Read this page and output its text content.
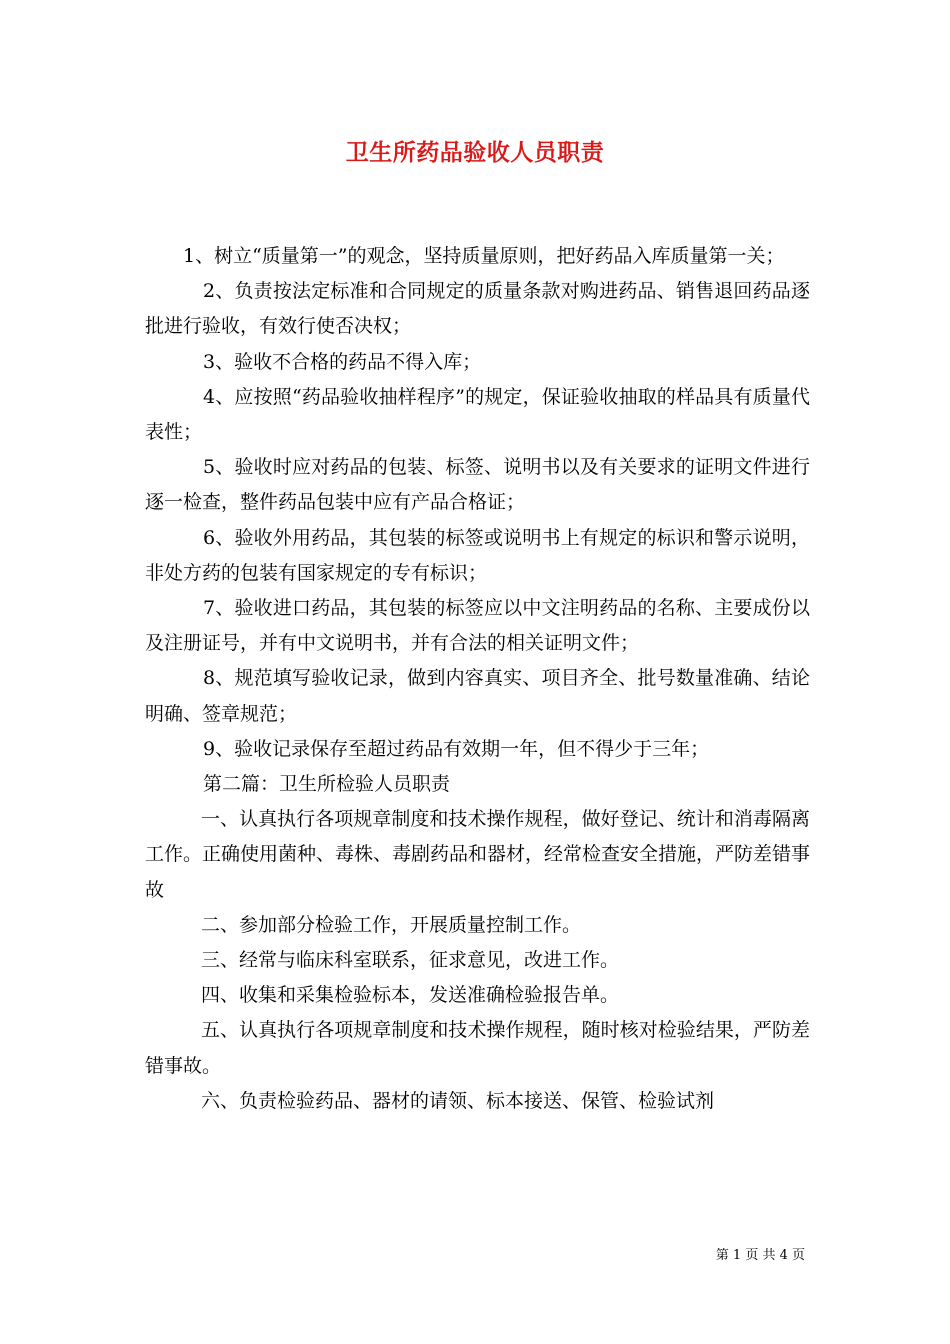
卫生所药品验收人员职责

1、树立“质量第一”的观念，坚持质量原则，把好药品入库质量第一关；

2、负责按法定标准和合同规定的质量条款对购进药品、销售退回药品逐批进行验收，有效行使否决权；

3、验收不合格的药品不得入库；

4、应按照“药品验收抽样程序”的规定，保证验收抽取的样品具有质量代表性；

5、验收时应对药品的包装、标签、说明书以及有关要求的证明文件进行逐一检查，整件药品包装中应有产品合格证；

6、验收外用药品，其包装的标签或说明书上有规定的标识和警示说明，非处方药的包装有国家规定的专有标识；

7、验收进口药品，其包装的标签应以中文注明药品的名称、主要成份以及注册证号，并有中文说明书，并有合法的相关证明文件；

8、规范填写验收记录，做到内容真实、项目齐全、批号数量准确、结论明确、签章规范；

9、验收记录保存至超过药品有效期一年，但不得少于三年；

第二篇：卫生所检验人员职责

一、认真执行各项规章制度和技术操作规程，做好登记、统计和消毒隔离工作。正确使用菌种、毒株、毒剧药品和器材，经常检查安全措施，严防差错事故

二、参加部分检验工作，开展质量控制工作。

三、经常与临床科室联系，征求意见，改进工作。

四、收集和采集检验标本，发送准确检验报告单。

五、认真执行各项规章制度和技术操作规程，随时核对检验结果，严防差错事故。

六、负责检验药品、器材的请领、标本接送、保管、检验试剂

第 1 页 共 4 页
